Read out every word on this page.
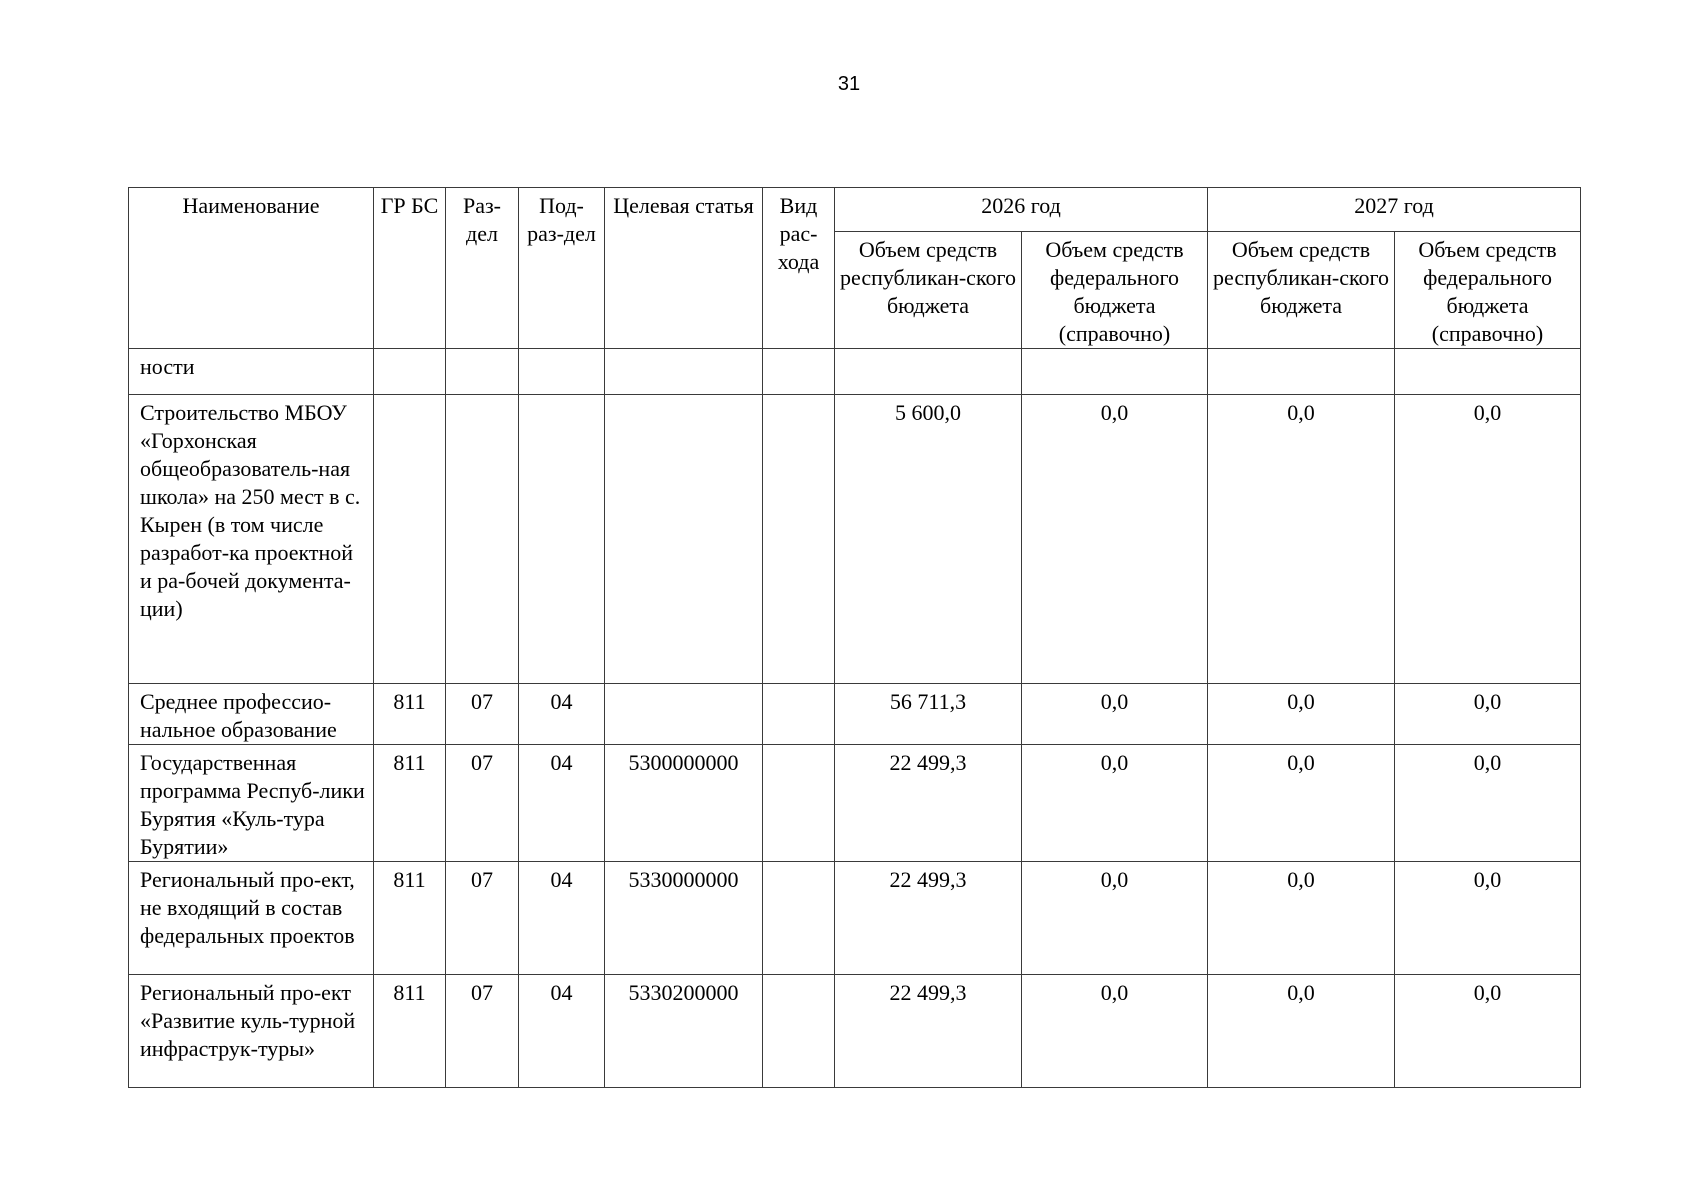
31
Наименование	ГР БС	Раз-дел	Под-раз-дел	Целевая статья	Вид рас-хода	2026 год		2027 год	
						Объем средств республикан-ского бюджета	Объем средств федерального бюджета (справочно)	Объем средств республикан-ского бюджета	Объем средств федерального бюджета (справочно)
ности									
Строительство МБОУ «Горхонская общеобразователь-ная школа» на 250 мест в с. Кырен (в том числе разработ-ка проектной и ра-бочей документа-ции)						5 600,0	0,0	0,0	0,0
Среднее профессио-нальное образование	811	07	04			56 711,3	0,0	0,0	0,0
Государственная программа Респуб-лики Бурятия «Куль-тура Бурятии»	811	07	04	5300000000		22 499,3	0,0	0,0	0,0
Региональный про-ект, не входящий в состав федеральных проектов	811	07	04	5330000000		22 499,3	0,0	0,0	0,0
Региональный про-ект «Развитие куль-турной инфраструк-туры»	811	07	04	5330200000		22 499,3	0,0	0,0	0,0
